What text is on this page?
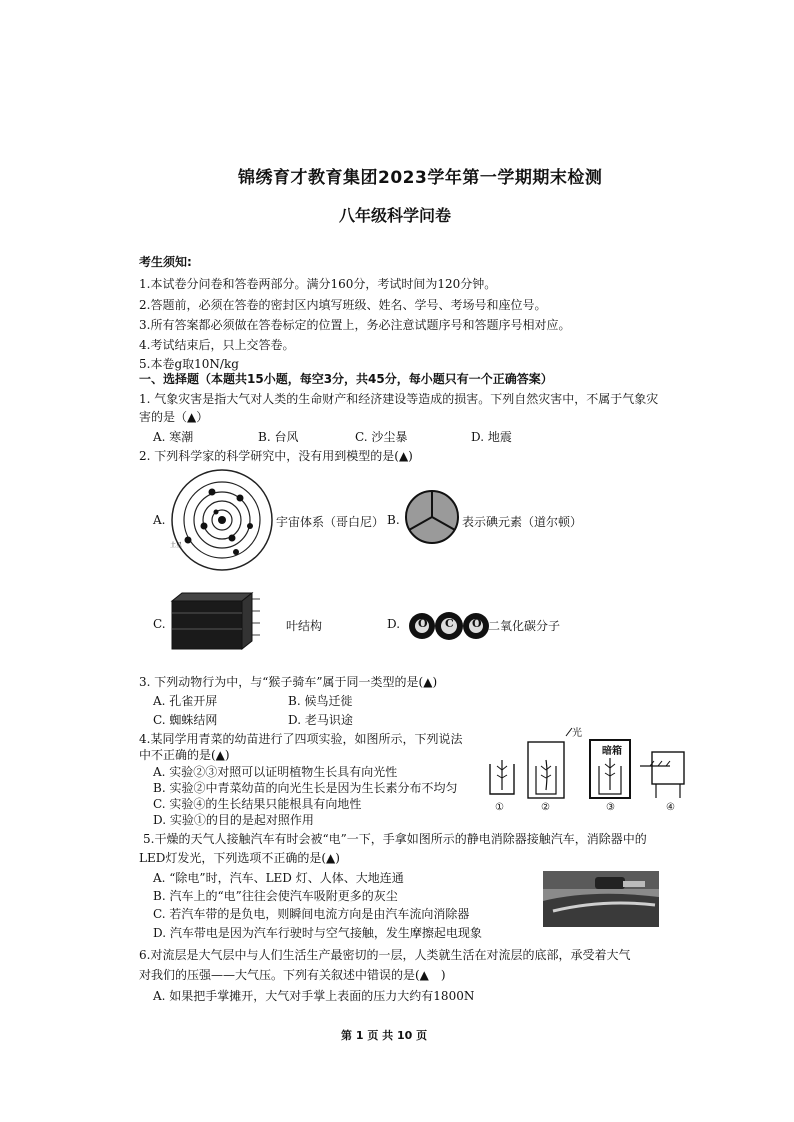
锦绣育才教育集团2023学年第一学期期末检测
八年级科学问卷
考生须知:
1.本试卷分问卷和答卷两部分。满分160分，考试时间为120分钟。
2.答题前，必须在答卷的密封区内填写班级、姓名、学号、考场号和座位号。
3.所有答案都必须做在答卷标定的位置上，务必注意试题序号和答题序号相对应。
4.考试结束后，只上交答卷。
5.本卷g取10N/kg
一、选择题（本题共15小题，每空3分，共45分，每小题只有一个正确答案）
1. 气象灾害是指大气对人类的生命财产和经济建设等造成的损害。下列自然灾害中，不属于气象灾
害的是（▲）
A. 寒潮	B. 台风	C. 沙尘暴	D. 地震
2. 下列科学家的科学研究中，没有用到模型的是(▲)
A.
土星
宇宙体系（哥白尼） B.	表示碘元素（道尔顿）
C.	叶结构	D. O C O 二氧化碳分子
3. 下列动物行为中，与“猴子骑车”属于同一类型的是(▲)
A. 孔雀开屏	B. 候鸟迁徙
C. 蜘蛛结网	D. 老马识途
4.某同学用青菜的幼苗进行了四项实验，如图所示，下列说法
中不正确的是(▲)
A. 实验②③对照可以证明植物生长具有向光性
B. 实验②中青菜幼苗的向光生长是因为生长素分布不均匀
C. 实验④的生长结果只能根具有向地性
D. 实验①的目的是起对照作用
光
暗箱
①	②	③	④
5.干燥的天气人接触汽车有时会被“电”一下，手拿如图所示的静电消除器接触汽车，消除器中的
LED灯发光，下列选项不正确的是(▲)
A. “除电”时，汽车、LED 灯、人体、大地连通
B. 汽车上的“电”往往会使汽车吸附更多的灰尘
C. 若汽车带的是负电，则瞬间电流方向是由汽车流向消除器
D. 汽车带电是因为汽车行驶时与空气接触，发生摩擦起电现象
6.对流层是大气层中与人们生活生产最密切的一层，人类就生活在对流层的底部，承受着大气
对我们的压强——大气压。下列有关叙述中错误的是(▲　)
A. 如果把手掌摊开，大气对手掌上表面的压力大约有1800N
第 1 页 共 10 页
